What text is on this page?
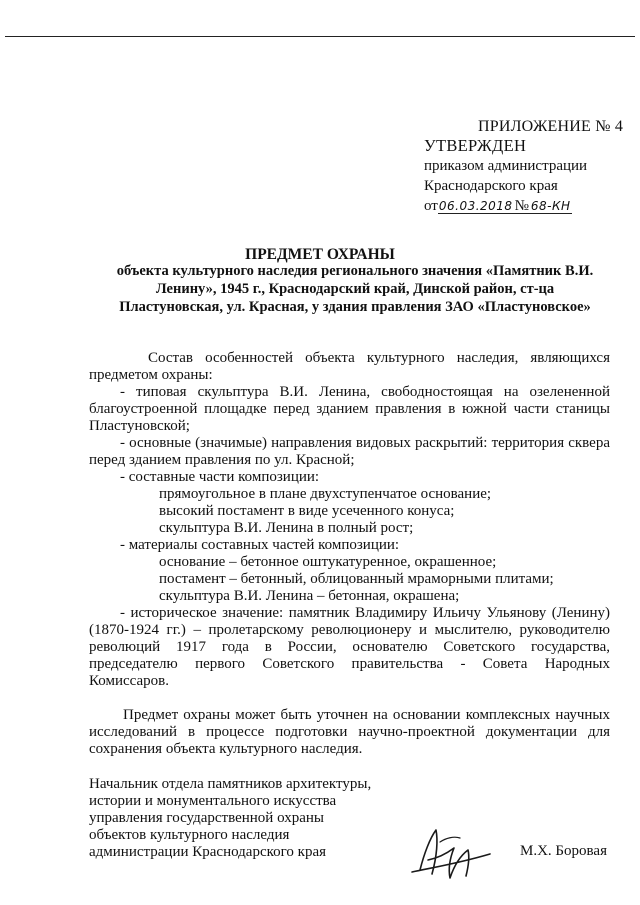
ПРИЛОЖЕНИЕ № 4
УТВЕРЖДЕН
приказом администрации
Краснодарского края
от06.03.2018 № 68-КН
ПРЕДМЕТ ОХРАНЫ
объекта культурного наследия регионального значения «Памятник В.И. Ленину», 1945 г., Краснодарский край, Динской район, ст-ца Пластуновская, ул. Красная, у здания правления ЗАО «Пластуновское»

Состав особенностей объекта культурного наследия, являющихся предметом охраны:

- типовая скульптура В.И. Ленина, свободностоящая на озелененной благоустроенной площадке перед зданием правления в южной части станицы Пластуновской;

- основные (значимые) направления видовых раскрытий: территория сквера перед зданием правления по ул. Красной;

- составные части композиции:

прямоугольное в плане двухступенчатое основание;

высокий постамент в виде усеченного конуса;

скульптура В.И. Ленина в полный рост;

- материалы составных частей композиции:

основание – бетонное оштукатуренное, окрашенное;

постамент – бетонный, облицованный мраморными плитами;

скульптура В.И. Ленина – бетонная, окрашена;

- историческое значение: памятник Владимиру Ильичу Ульянову (Ленину) (1870-1924 гг.) – пролетарскому революционеру и мыслителю, руководителю революций 1917 года в России, основателю Советского государства, председателю первого Советского правительства - Совета Народных Комиссаров.

Предмет охраны может быть уточнен на основании комплексных научных исследований в процессе подготовки научно-проектной документации для сохранения объекта культурного наследия.

Начальник отдела памятников архитектуры,
истории и монументального искусства
управления государственной охраны
объектов культурного наследия
администрации Краснодарского края	М.Х. Боровая
